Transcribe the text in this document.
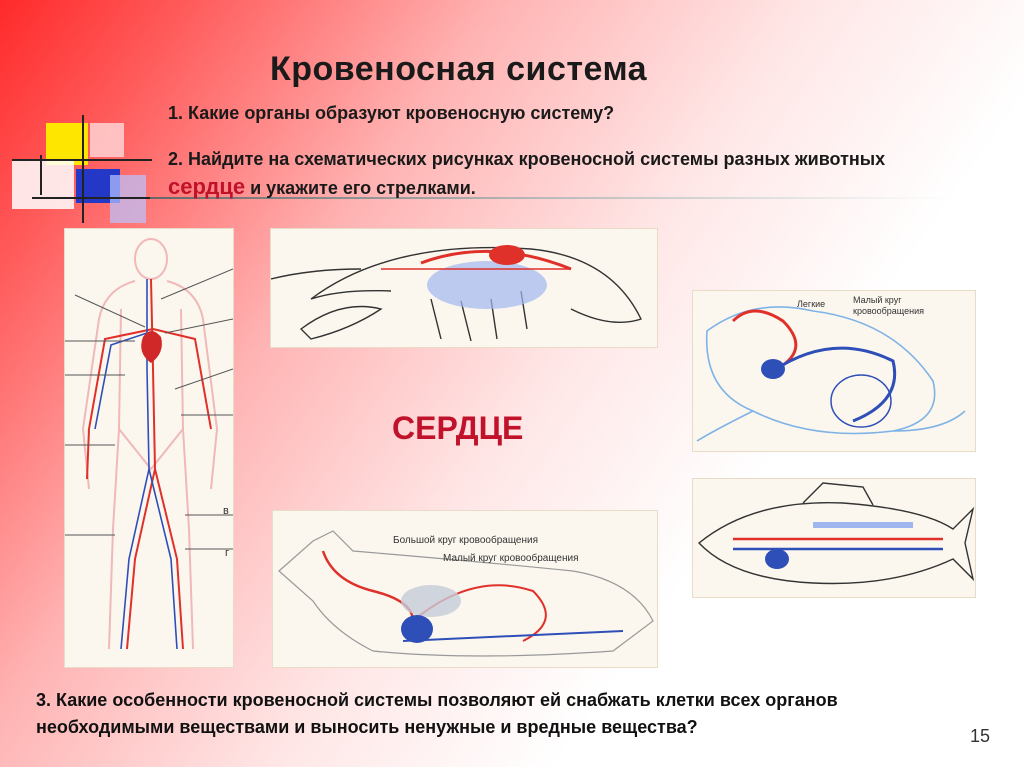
Кровеносная система
1. Какие органы образуют кровеносную систему?
2. Найдите на схематических рисунках кровеносной системы разных животных сердце и укажите его стрелками.
в
г
Легкие	Малый круг кровообращения
СЕРДЦЕ
Большой круг кровообращения
Малый круг кровообращения
3. Какие особенности кровеносной системы позволяют ей снабжать клетки всех органов необходимыми веществами и выносить ненужные и вредные вещества?	15
